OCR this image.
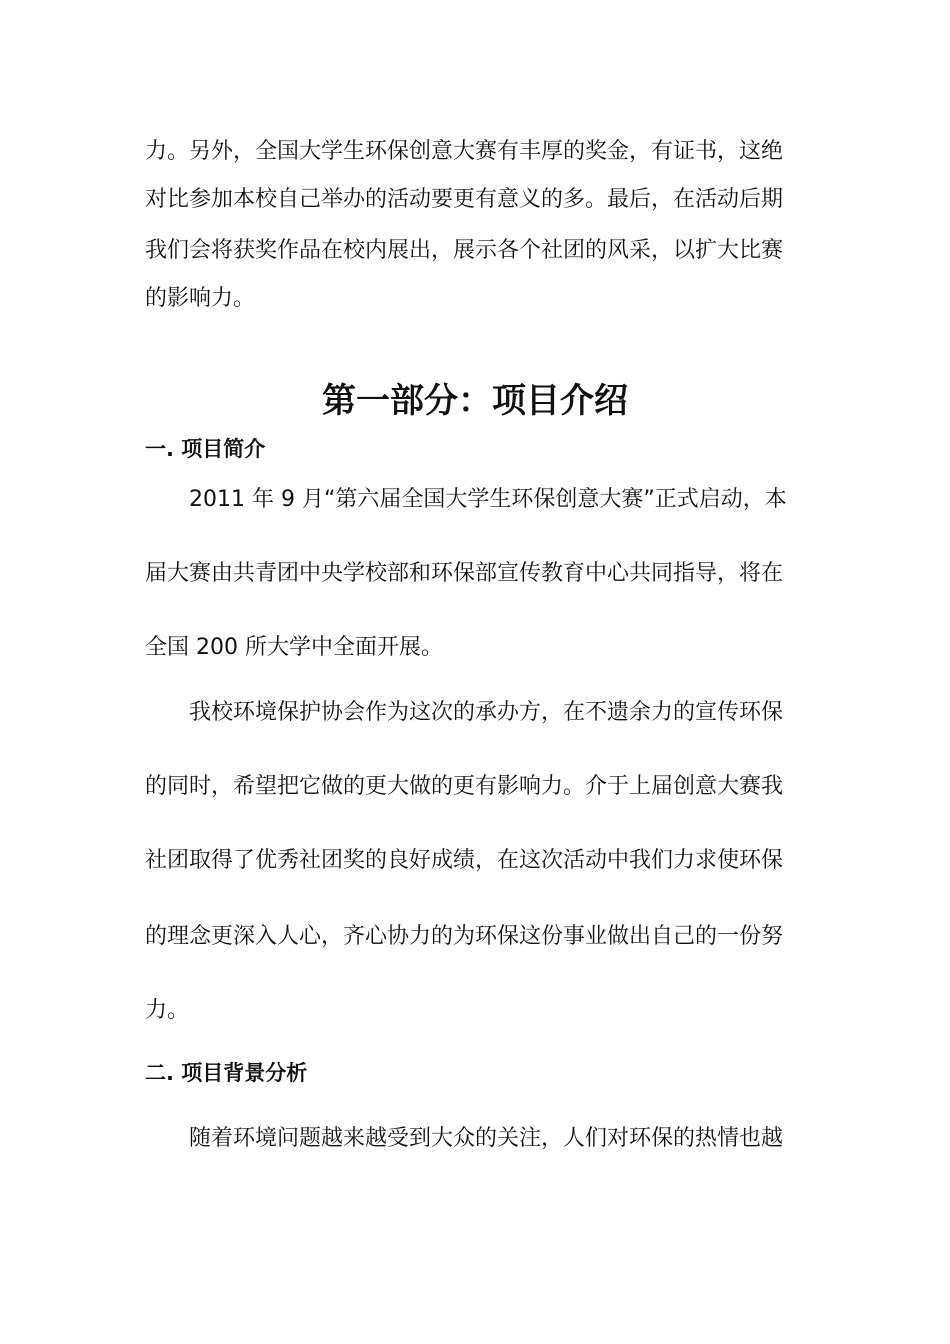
力。另外，全国大学生环保创意大赛有丰厚的奖金，有证书，这绝

对比参加本校自己举办的活动要更有意义的多。最后，在活动后期

我们会将获奖作品在校内展出，展示各个社团的风采，以扩大比赛

的影响力。

第一部分：项目介绍
一. 项目简介

2011 年 9 月“第六届全国大学生环保创意大赛”正式启动，本

届大赛由共青团中央学校部和环保部宣传教育中心共同指导，将在

全国 200 所大学中全面开展。

我校环境保护协会作为这次的承办方，在不遗余力的宣传环保

的同时，希望把它做的更大做的更有影响力。介于上届创意大赛我

社团取得了优秀社团奖的良好成绩，在这次活动中我们力求使环保

的理念更深入人心，齐心协力的为环保这份事业做出自己的一份努

力。

二. 项目背景分析

随着环境问题越来越受到大众的关注，人们对环保的热情也越
